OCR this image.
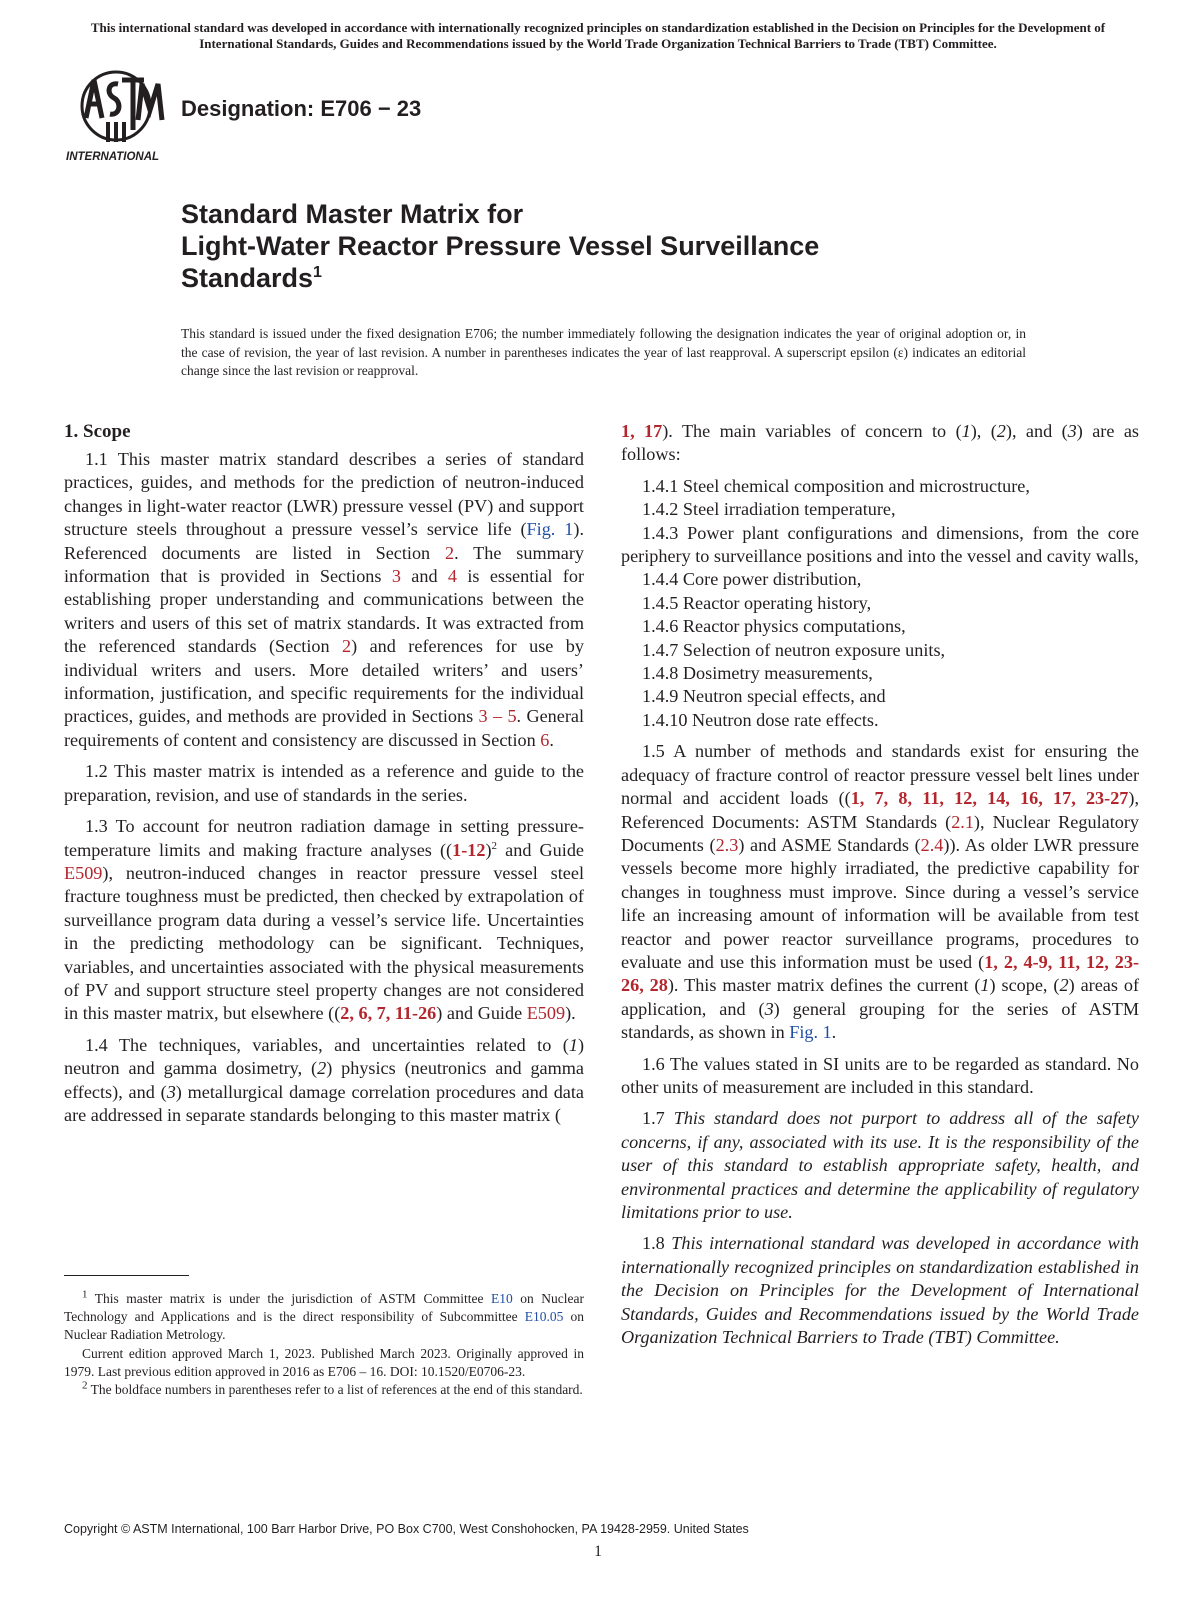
This international standard was developed in accordance with internationally recognized principles on standardization established in the Decision on Principles for the Development of International Standards, Guides and Recommendations issued by the World Trade Organization Technical Barriers to Trade (TBT) Committee.
INTERNATIONAL
Designation: E706 − 23
Standard Master Matrix for
Light-Water Reactor Pressure Vessel Surveillance
Standards$^1$
This standard is issued under the fixed designation E706; the number immediately following the designation indicates the year of original adoption or, in the case of revision, the year of last revision. A number in parentheses indicates the year of last reapproval. A superscript epsilon (ε) indicates an editorial change since the last revision or reapproval.
1. Scope

1.1 This master matrix standard describes a series of standard practices, guides, and methods for the prediction of neutron-induced changes in light-water reactor (LWR) pressure vessel (PV) and support structure steels throughout a pressure vessel’s service life (Fig. 1). Referenced documents are listed in Section 2. The summary information that is provided in Sections 3 and 4 is essential for establishing proper understanding and communications between the writers and users of this set of matrix standards. It was extracted from the referenced standards (Section 2) and references for use by individual writers and users. More detailed writers’ and users’ information, justification, and specific requirements for the individual practices, guides, and methods are provided in Sections 3 – 5. General requirements of content and consistency are discussed in Section 6.

1.2 This master matrix is intended as a reference and guide to the preparation, revision, and use of standards in the series.

1.3 To account for neutron radiation damage in setting pressure-temperature limits and making fracture analyses ($(1-12)^2$ and Guide E509), neutron-induced changes in reactor pressure vessel steel fracture toughness must be predicted, then checked by extrapolation of surveillance program data during a vessel’s service life. Uncertainties in the predicting methodology can be significant. Techniques, variables, and uncertainties associated with the physical measurements of PV and support structure steel property changes are not considered in this master matrix, but elsewhere ((2, 6, 7, 11-26) and Guide E509).

1.4 The techniques, variables, and uncertainties related to (1) neutron and gamma dosimetry, (2) physics (neutronics and gamma effects), and (3) metallurgical damage correlation procedures and data are addressed in separate standards belonging to this master matrix (

1, 17). The main variables of concern to (1), (2), and (3) are as follows:

1.4.1 Steel chemical composition and microstructure,

1.4.2 Steel irradiation temperature,

1.4.3 Power plant configurations and dimensions, from the core periphery to surveillance positions and into the vessel and cavity walls,

1.4.4 Core power distribution,

1.4.5 Reactor operating history,

1.4.6 Reactor physics computations,

1.4.7 Selection of neutron exposure units,

1.4.8 Dosimetry measurements,

1.4.9 Neutron special effects, and

1.4.10 Neutron dose rate effects.

1.5 A number of methods and standards exist for ensuring the adequacy of fracture control of reactor pressure vessel belt lines under normal and accident loads ((1, 7, 8, 11, 12, 14, 16, 17, 23-27), Referenced Documents: ASTM Standards (2.1), Nuclear Regulatory Documents (2.3) and ASME Standards (2.4)). As older LWR pressure vessels become more highly irradiated, the predictive capability for changes in toughness must improve. Since during a vessel’s service life an increasing amount of information will be available from test reactor and power reactor surveillance programs, procedures to evaluate and use this information must be used (1, 2, 4-9, 11, 12, 23-26, 28). This master matrix defines the current (1) scope, (2) areas of application, and (3) general grouping for the series of ASTM standards, as shown in Fig. 1.

1.6 The values stated in SI units are to be regarded as standard. No other units of measurement are included in this standard.

1.7 This standard does not purport to address all of the safety concerns, if any, associated with its use. It is the responsibility of the user of this standard to establish appropriate safety, health, and environmental practices and determine the applicability of regulatory limitations prior to use.

1.8 This international standard was developed in accordance with internationally recognized principles on standardization established in the Decision on Principles for the Development of International Standards, Guides and Recommendations issued by the World Trade Organization Technical Barriers to Trade (TBT) Committee.

$^1$ This master matrix is under the jurisdiction of ASTM Committee E10 on Nuclear Technology and Applications and is the direct responsibility of Subcommittee E10.05 on Nuclear Radiation Metrology.

Current edition approved March 1, 2023. Published March 2023. Originally approved in 1979. Last previous edition approved in 2016 as E706 – 16. DOI: 10.1520/E0706-23.

$^2$ The boldface numbers in parentheses refer to a list of references at the end of this standard.

Copyright © ASTM International, 100 Barr Harbor Drive, PO Box C700, West Conshohocken, PA 19428-2959. United States
1
